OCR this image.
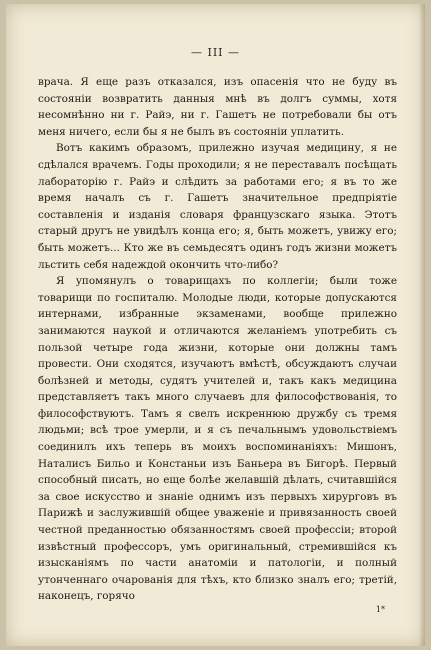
— III —

врача. Я еще разъ отказался, изъ опасенія что не буду въ состояніи возвратить данныя мнѣ въ долгъ суммы, хотя несомнѣнно ни г. Райэ, ни г. Гашетъ не потребовали бы отъ меня ничего, если бы я не былъ въ состояніи уплатить.

Вотъ какимъ образомъ, прилежно изучая медицину, я не сдѣлался врачемъ. Годы проходили; я не переставалъ посѣщать лабораторію г. Райэ и слѣдить за работами его; я въ то же время началъ съ г. Гашетъ значительное предпріятіе составленія и изданія словаря французскаго языка. Этотъ старый другъ не увидѣлъ конца его; я, быть можетъ, увижу его; быть можетъ... Кто же въ семьдесятъ одинъ годъ жизни можетъ льстить себя надеждой окончить что-либо?

Я упомянулъ о товарищахъ по коллегіи; были тоже товарищи по госпиталю. Молодые люди, которые допускаются интернами, избранные экзаменами, вообще прилежно занимаются наукой и отличаются желаніемъ употребить съ пользой четыре года жизни, которые они должны тамъ провести. Они сходятся, изучаютъ вмѣстѣ, обсуждаютъ случаи болѣзней и методы, судятъ учителей и, такъ какъ медицина представляетъ такъ много случаевъ для философствованія, то философствуютъ. Тамъ я свелъ искреннюю дружбу съ тремя людьми; всѣ трое умерли, и я съ печальнымъ удовольствіемъ соединилъ ихъ теперь въ моихъ воспоминаніяхъ: Мишонъ, Наталисъ Бильо и Констаньи изъ Баньера въ Бигорѣ. Первый способный писать, но еще болѣе желавшій дѣлать, считавшійся за свое искусство и знаніе однимъ изъ первыхъ хирурговъ въ Парижѣ и заслужившій общее уваженіе и привязанность своей честной преданностью обязанностямъ своей профессіи; второй извѣстный профессоръ, умъ оригинальный, стремившійся къ изысканіямъ по части анатоміи и патологіи, и полный утонченнаго очарованія для тѣхъ, кто близко зналъ его; третій, наконецъ, горячо

1*
